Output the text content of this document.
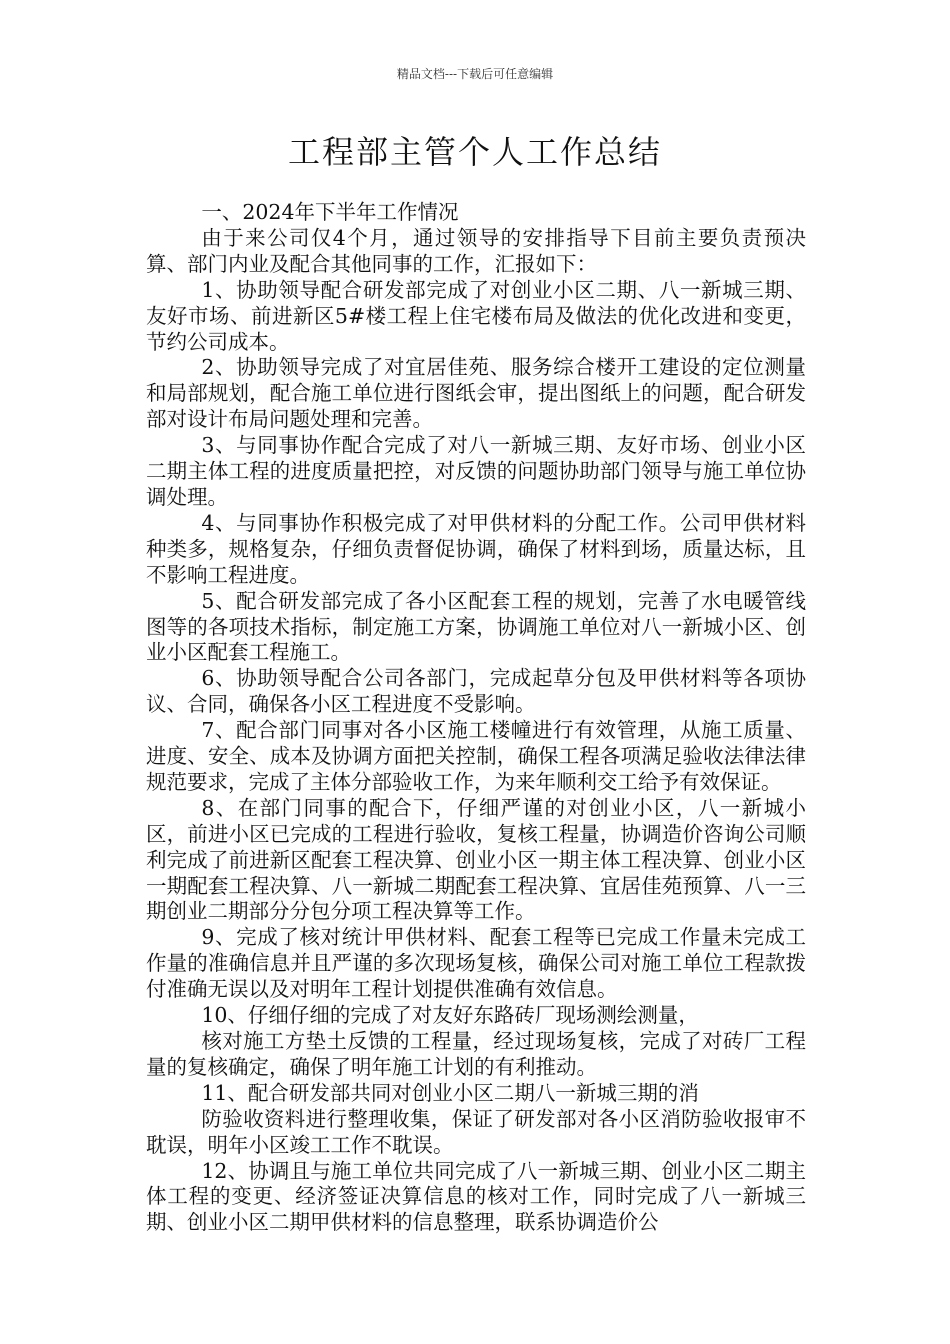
精品文档---下载后可任意编辑
工程部主管个人工作总结

一、2024年下半年工作情况

由于来公司仅4个月，通过领导的安排指导下目前主要负责预决算、部门内业及配合其他同事的工作，汇报如下：

1、协助领导配合研发部完成了对创业小区二期、八一新城三期、友好市场、前进新区5#楼工程上住宅楼布局及做法的优化改进和变更，节约公司成本。

2、协助领导完成了对宜居佳苑、服务综合楼开工建设的定位测量和局部规划，配合施工单位进行图纸会审，提出图纸上的问题，配合研发部对设计布局问题处理和完善。

3、与同事协作配合完成了对八一新城三期、友好市场、创业小区二期主体工程的进度质量把控，对反馈的问题协助部门领导与施工单位协调处理。

4、与同事协作积极完成了对甲供材料的分配工作。公司甲供材料种类多，规格复杂，仔细负责督促协调，确保了材料到场，质量达标，且不影响工程进度。

5、配合研发部完成了各小区配套工程的规划，完善了水电暖管线图等的各项技术指标，制定施工方案，协调施工单位对八一新城小区、创业小区配套工程施工。

6、协助领导配合公司各部门，完成起草分包及甲供材料等各项协议、合同，确保各小区工程进度不受影响。

7、配合部门同事对各小区施工楼幢进行有效管理，从施工质量、进度、安全、成本及协调方面把关控制，确保工程各项满足验收法律法律规范要求，完成了主体分部验收工作，为来年顺利交工给予有效保证。

8、在部门同事的配合下，仔细严谨的对创业小区，八一新城小区，前进小区已完成的工程进行验收，复核工程量，协调造价咨询公司顺利完成了前进新区配套工程决算、创业小区一期主体工程决算、创业小区一期配套工程决算、八一新城二期配套工程决算、宜居佳苑预算、八一三期创业二期部分分包分项工程决算等工作。

9、完成了核对统计甲供材料、配套工程等已完成工作量未完成工作量的准确信息并且严谨的多次现场复核，确保公司对施工单位工程款拨付准确无误以及对明年工程计划提供准确有效信息。

10、仔细仔细的完成了对友好东路砖厂现场测绘测量，

核对施工方垫土反馈的工程量，经过现场复核，完成了对砖厂工程量的复核确定，确保了明年施工计划的有利推动。

11、配合研发部共同对创业小区二期八一新城三期的消

防验收资料进行整理收集，保证了研发部对各小区消防验收报审不耽误，明年小区竣工工作不耽误。

12、协调且与施工单位共同完成了八一新城三期、创业小区二期主体工程的变更、经济签证决算信息的核对工作，同时完成了八一新城三期、创业小区二期甲供材料的信息整理，联系协调造价公
